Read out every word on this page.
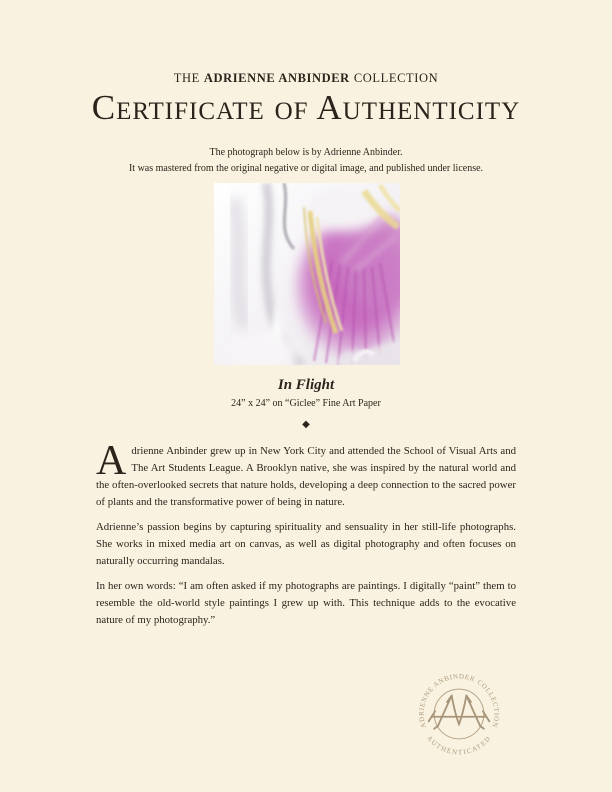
THE ADRIENNE ANBINDER COLLECTION
Certificate of Authenticity

The photograph below is by Adrienne Anbinder.
It was mastered from the original negative or digital image, and published under license.

In Flight
24” x 24” on “Giclee” Fine Art Paper
◆

Adrienne Anbinder grew up in New York City and attended the School of Visual Arts and The Art Students League. A Brooklyn native, she was inspired by the natural world and the often-overlooked secrets that nature holds, developing a deep connection to the sacred power of plants and the transformative power of being in nature.

Adrienne’s passion begins by capturing spirituality and sensuality in her still-life photographs. She works in mixed media art on canvas, as well as digital photography and often focuses on naturally occurring mandalas.

In her own words: “I am often asked if my photographs are paintings. I digitally “paint” them to resemble the old-world style paintings I grew up with. This technique adds to the evocative nature of my photography.”

ADRIENNE ANBINDER COLLECTION
AUTHENTICATED
